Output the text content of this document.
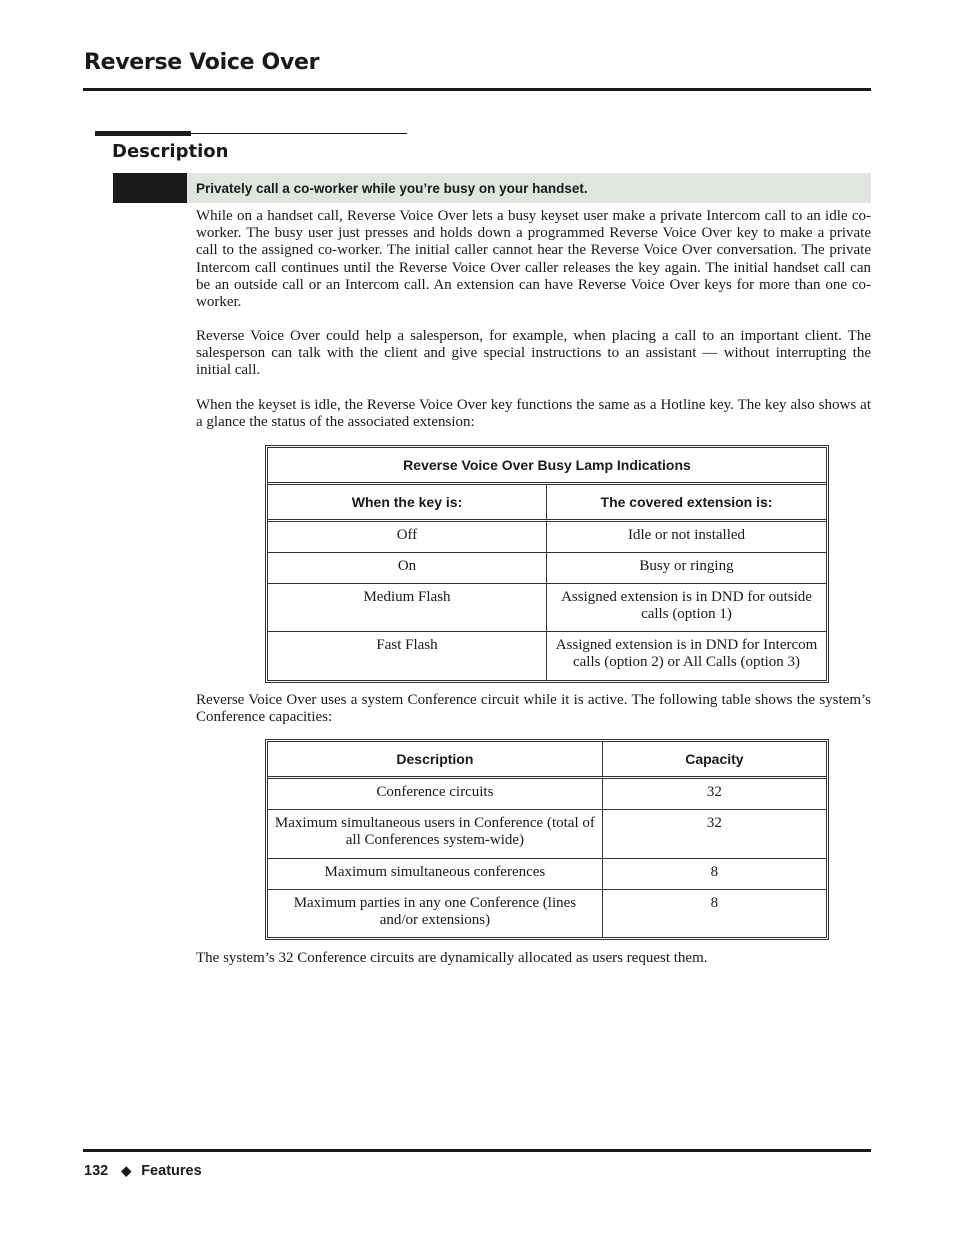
Reverse Voice Over
Description
Privately call a co-worker while you’re busy on your handset.

While on a handset call, Reverse Voice Over lets a busy keyset user make a private Intercom call to an idle co-worker. The busy user just presses and holds down a programmed Reverse Voice Over key to make a private call to the assigned co-worker. The initial caller cannot hear the Reverse Voice Over conversation. The private Intercom call continues until the Reverse Voice Over caller releases the key again. The initial handset call can be an outside call or an Intercom call. An extension can have Reverse Voice Over keys for more than one co-worker.

Reverse Voice Over could help a salesperson, for example, when placing a call to an important client. The salesperson can talk with the client and give special instructions to an assistant — without interrupting the initial call.

When the keyset is idle, the Reverse Voice Over key functions the same as a Hotline key. The key also shows at a glance the status of the associated extension:

Reverse Voice Over Busy Lamp Indications	
When the key is:	The covered extension is:
Off	Idle or not installed
On	Busy or ringing
Medium Flash	Assigned extension is in DND for outside calls (option 1)
Fast Flash	Assigned extension is in DND for Intercom calls (option 2) or All Calls (option 3)

Reverse Voice Over uses a system Conference circuit while it is active. The following table shows the system’s Conference capacities:

Description	Capacity
Conference circuits	32
Maximum simultaneous users in Conference (total of all Conferences system-wide)	32
Maximum simultaneous conferences	8
Maximum parties in any one Conference (lines and/or extensions)	8

The system’s 32 Conference circuits are dynamically allocated as users request them.

132 ◆ Features
